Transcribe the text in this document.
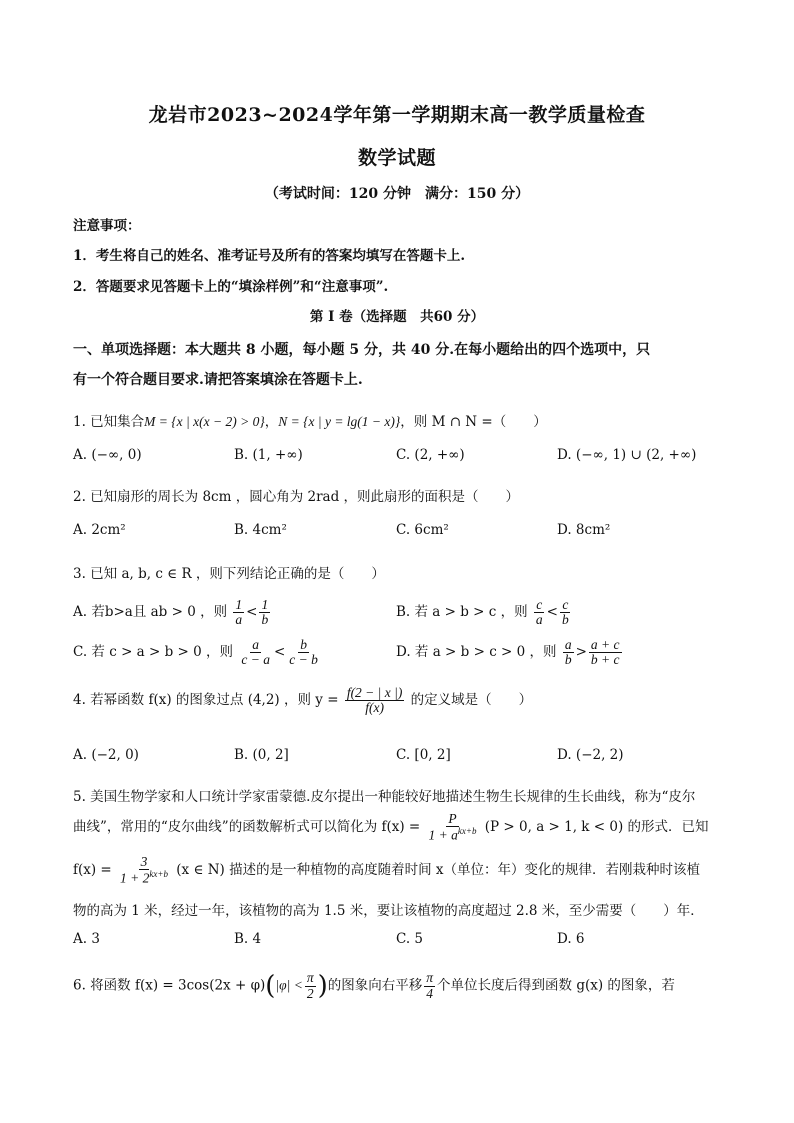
龙岩市2023~2024学年第一学期期末高一教学质量检查
数学试题
（考试时间：120 分钟　满分：150 分）
注意事项：
1．考生将自己的姓名、准考证号及所有的答案均填写在答题卡上.
2．答题要求见答题卡上的“填涂样例”和“注意事项”.
第 I 卷（选择题　共60 分）
一、单项选择题：本大题共 8 小题，每小题 5 分，共 40 分.在每小题给出的四个选项中，只
有一个符合题目要求.请把答案填涂在答题卡上.
1. 已知集合M = {x | x(x − 2) > 0}，N = {x | y = lg(1 − x)}，则 M ∩ N =（　　）
A. (−∞, 0)	B. (1, +∞)	C. (2, +∞)	D. (−∞, 1) ∪ (2, +∞)
2. 已知扇形的周长为 8cm ，圆心角为 2rad ，则此扇形的面积是（　　）
A. 2cm²	B. 4cm²	C. 6cm²	D. 8cm²
3. 已知 a, b, c ∈ R ，则下列结论正确的是（　　）
A. 若b>a且 ab > 0 ，则 $\frac{1}{a} < \frac{1}{b}$	B. 若 a > b > c ，则 $\frac{c}{a} < \frac{c}{b}$
C. 若 c > a > b > 0 ，则 $\frac{a}{c - a} < \frac{b}{c - b}$	D. 若 a > b > c > 0 ，则 $\frac{a}{b} > \frac{a + c}{b + c}$
4. 若幂函数 f(x) 的图象过点 (4,2) ，则 $y = \frac{f(2 - | x |)}{f(x)}$ 的定义域是（　　）
A. (−2, 0)	B. (0, 2]	C. [0, 2]	D. (−2, 2)
5. 美国生物学家和人口统计学家雷蒙德.皮尔提出一种能较好地描述生物生长规律的生长曲线，称为“皮尔
曲线”，常用的“皮尔曲线”的函数解析式可以简化为 $f(x) = \frac{P}{1 + a^{kx+b}} (P > 0$, a > 1, k < 0) 的形式．已知
$f(x) = \frac{3}{1 + 2^{kx+b}} (x$ ∈ N) 描述的是一种植物的高度随着时间 x（单位：年）变化的规律．若刚栽种时该植
物的高为 1 米，经过一年，该植物的高为 1.5 米，要让该植物的高度超过 2.8 米，至少需要（　　）年．
A. 3	B. 4	C. 5	D. 6
6. 将函数 $f(x) = 3\cos(2x + \varphi)(|\varphi| < \frac{\pi}{2}$ )的图象向右平移 $\frac{\pi}{4}$ 个单位长度后得到函数 g(x) 的图象，若
